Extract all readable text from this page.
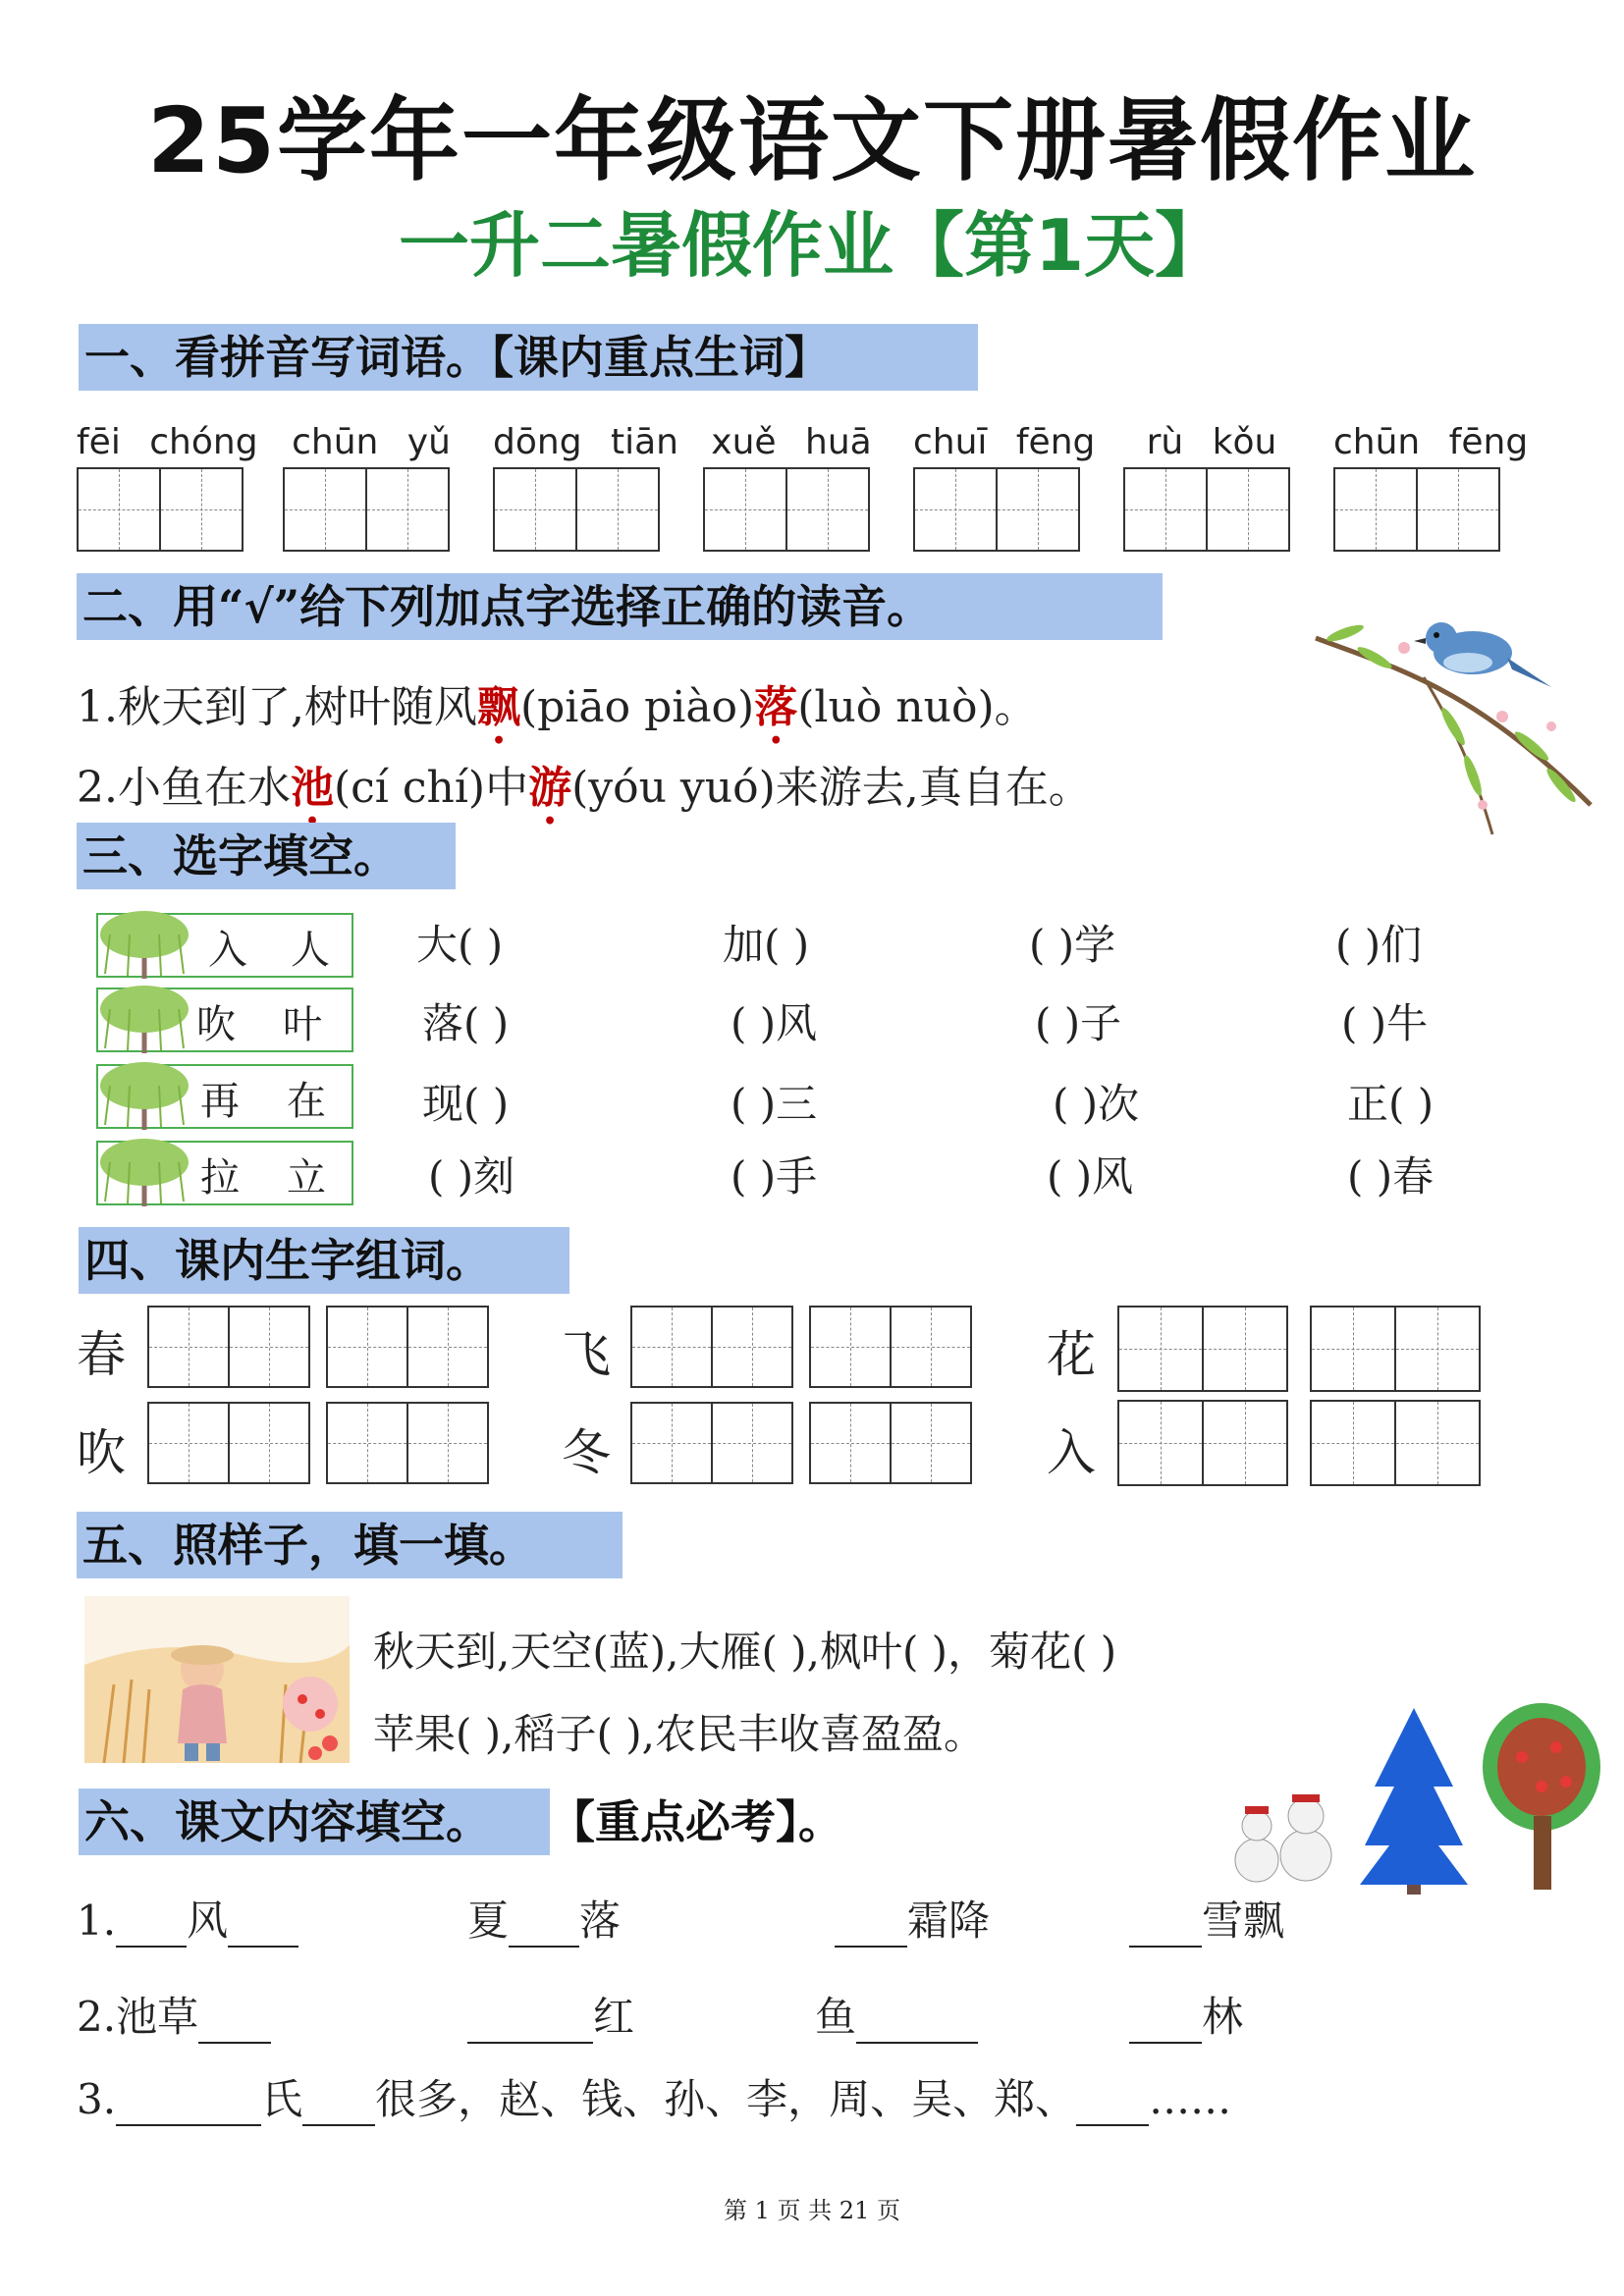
25学年一年级语文下册暑假作业
一升二暑假作业【第1天】
一、看拼音写词语。【课内重点生词】
fēi chóng chūn yǔ dōng tiān xuě huā chuī fēng	rù kǒu	chūn fēng
二、用“√”给下列加点字选择正确的读音。
1.秋天到了,树叶随风飘(piāo piào)落(luò nuò)。
2.小鱼在水池(cí chí)中游(yóu yuó)来游去,真自在。
三、选字填空。
入 人 大( )	加( )	( )学	( )们
吹 叶 落( )	( )风	( )子	( )牛
再 在 现( )	( )三	( )次	正( )
拉 立 ( )刻	( )手	( )风	( )春
四、课内生字组词。
春	飞	花
吹	冬	入
五、照样子，填一填。
秋天到,天空(蓝),大雁( ),枫叶( )，菊花( )
苹果( ),稻子( ),农民丰收喜盈盈。
六、课文内容填空。	【重点必考】。
1. 风	夏 落	霜降	雪飘
2.池草	红	鱼	林
3.	氏 很多，赵、钱、孙、李，周、吴、郑、 ……
第 1 页 共 21 页
